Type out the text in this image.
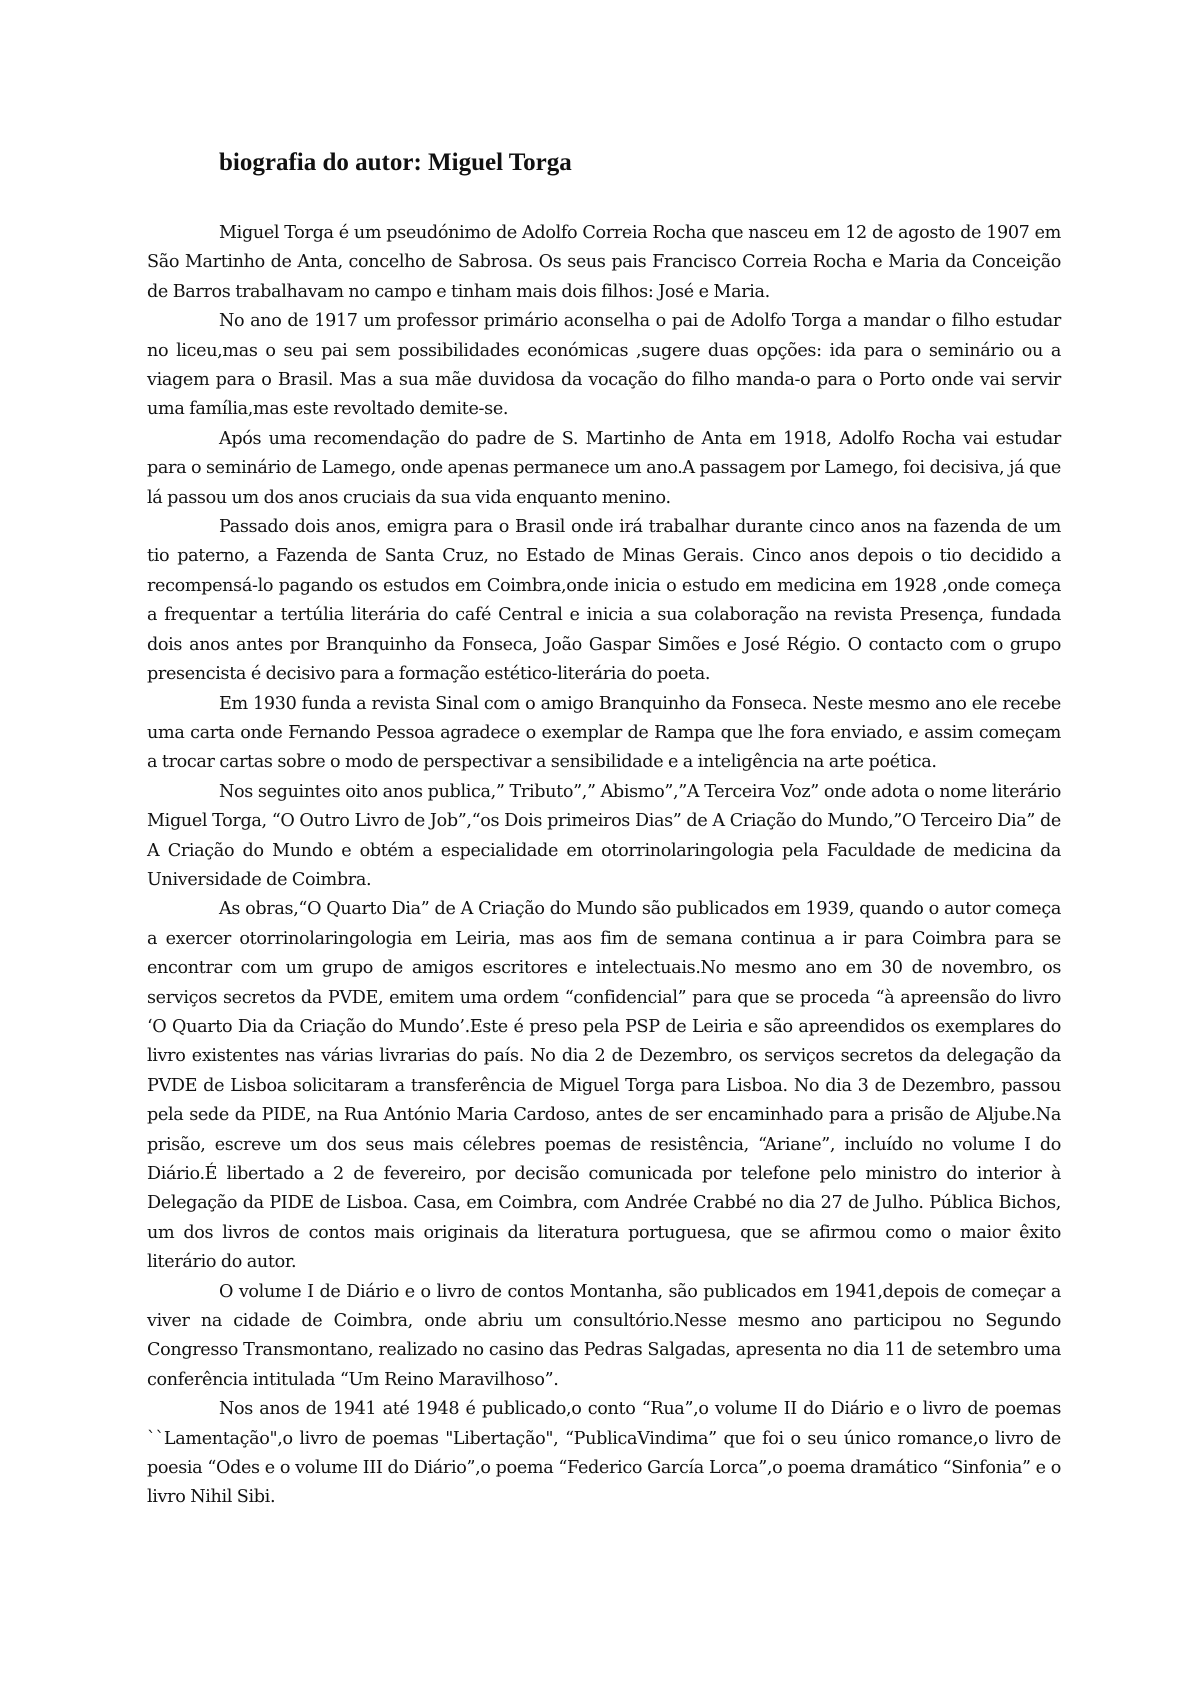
biografia do autor: Miguel Torga

Miguel Torga é um pseudónimo de Adolfo Correia Rocha que nasceu em 12 de agosto de 1907 em São Martinho de Anta, concelho de Sabrosa. Os seus pais Francisco Correia Rocha e Maria da Conceição de Barros trabalhavam no campo e tinham mais dois filhos: José e Maria.

No ano de 1917 um professor primário aconselha o pai de Adolfo Torga a mandar o filho estudar no liceu,mas o seu pai sem possibilidades económicas ,sugere duas opções: ida para o seminário ou a viagem para o Brasil. Mas a sua mãe duvidosa da vocação do filho manda-o para o Porto onde vai servir uma família,mas este revoltado demite-se.

Após uma recomendação do padre de S. Martinho de Anta em 1918, Adolfo Rocha vai estudar para o seminário de Lamego, onde apenas permanece um ano.A passagem por Lamego, foi decisiva, já que lá passou um dos anos cruciais da sua vida enquanto menino.

Passado dois anos, emigra para o Brasil onde irá trabalhar durante cinco anos na fazenda de um tio paterno, a Fazenda de Santa Cruz, no Estado de Minas Gerais. Cinco anos depois o tio decidido a recompensá-lo pagando os estudos em Coimbra,onde inicia o estudo em medicina em 1928 ,onde começa a frequentar a tertúlia literária do café Central e inicia a sua colaboração na revista Presença, fundada dois anos antes por Branquinho da Fonseca, João Gaspar Simões e José Régio. O contacto com o grupo presencista é decisivo para a formação estético-literária do poeta.

Em 1930 funda a revista Sinal com o amigo Branquinho da Fonseca. Neste mesmo ano ele recebe uma carta onde Fernando Pessoa agradece o exemplar de Rampa que lhe fora enviado, e assim começam a trocar cartas sobre o modo de perspectivar a sensibilidade e a inteligência na arte poética.

Nos seguintes oito anos publica,” Tributo”,” Abismo”,”A Terceira Voz” onde adota o nome literário Miguel Torga, “O Outro Livro de Job”,“os Dois primeiros Dias” de A Criação do Mundo,”O Terceiro Dia” de A Criação do Mundo e obtém a especialidade em otorrinolaringologia pela Faculdade de medicina da Universidade de Coimbra.

As obras,“O Quarto Dia” de A Criação do Mundo são publicados em 1939, quando o autor começa a exercer otorrinolaringologia em Leiria, mas aos fim de semana continua a ir para Coimbra para se encontrar com um grupo de amigos escritores e intelectuais.No mesmo ano em 30 de novembro, os serviços secretos da PVDE, emitem uma ordem “confidencial” para que se proceda “à apreensão do livro ‘O Quarto Dia da Criação do Mundo’.Este é preso pela PSP de Leiria e são apreendidos os exemplares do livro existentes nas várias livrarias do país. No dia 2 de Dezembro, os serviços secretos da delegação da PVDE de Lisboa solicitaram a transferência de Miguel Torga para Lisboa. No dia 3 de Dezembro, passou pela sede da PIDE, na Rua António Maria Cardoso, antes de ser encaminhado para a prisão de Aljube.Na prisão, escreve um dos seus mais célebres poemas de resistência, “Ariane”, incluído no volume I do Diário.É libertado a 2 de fevereiro, por decisão comunicada por telefone pelo ministro do interior à Delegação da PIDE de Lisboa. Casa, em Coimbra, com Andrée Crabbé no dia 27 de Julho. Pública Bichos, um dos livros de contos mais originais da literatura portuguesa, que se afirmou como o maior êxito literário do autor.

O volume I de Diário e o livro de contos Montanha, são publicados em 1941,depois de começar a viver na cidade de Coimbra, onde abriu um consultório.Nesse mesmo ano participou no Segundo Congresso Transmontano, realizado no casino das Pedras Salgadas, apresenta no dia 11 de setembro uma conferência intitulada “Um Reino Maravilhoso”.

Nos anos de 1941 até 1948 é publicado,o conto “Rua”,o volume II do Diário e o livro de poemas ``Lamentação",o livro de poemas "Libertação", “PublicaVindima” que foi o seu único romance,o livro de poesia “Odes e o volume III do Diário”,o poema “Federico García Lorca”,o poema dramático “Sinfonia” e o livro Nihil Sibi.
